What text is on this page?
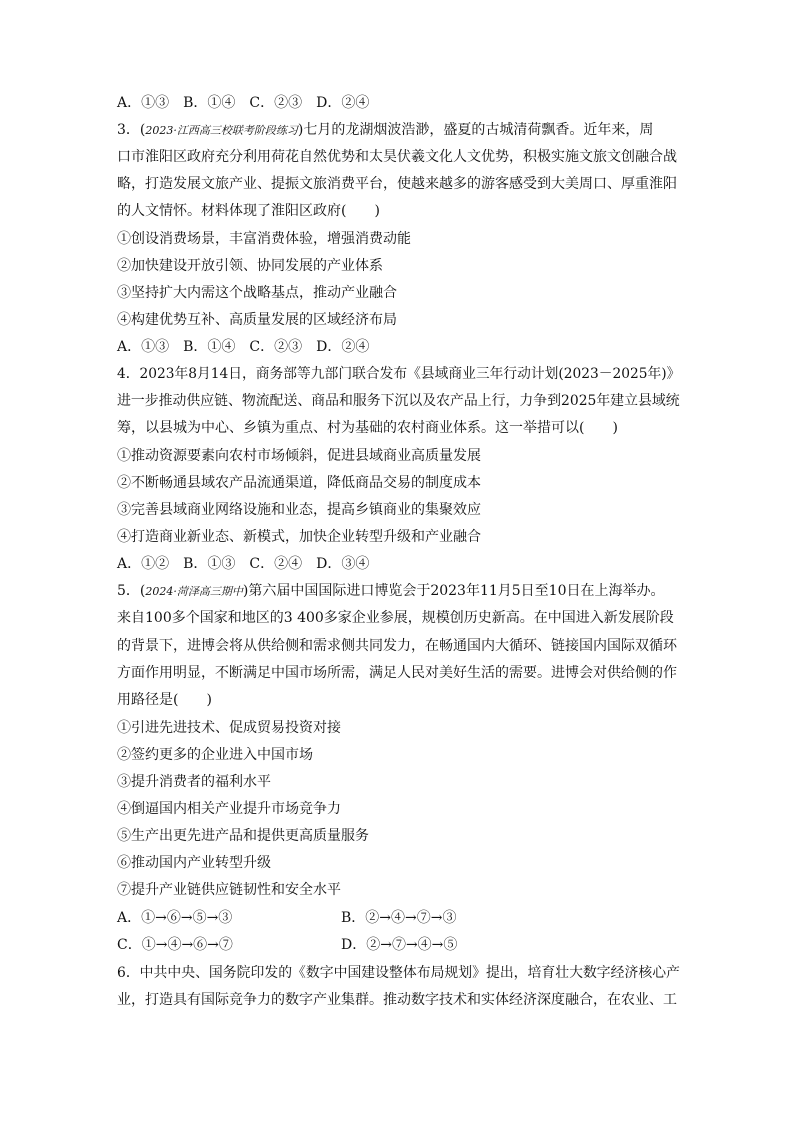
A．①③　B．①④　C．②③　D．②④
3．(2023·江西高三校联考阶段练习)七月的龙湖烟波浩渺，盛夏的古城清荷飘香。近年来，周
口市淮阳区政府充分利用荷花自然优势和太昊伏羲文化人文优势，积极实施文旅文创融合战
略，打造发展文旅产业、提振文旅消费平台，使越来越多的游客感受到大美周口、厚重淮阳
的人文情怀。材料体现了淮阳区政府(　　)
①创设消费场景，丰富消费体验，增强消费动能
②加快建设开放引领、协同发展的产业体系
③坚持扩大内需这个战略基点，推动产业融合
④构建优势互补、高质量发展的区域经济布局
A．①③　B．①④　C．②③　D．②④
4．2023年8月14日，商务部等九部门联合发布《县域商业三年行动计划(2023－2025年)》
进一步推动供应链、物流配送、商品和服务下沉以及农产品上行，力争到2025年建立县域统
筹，以县城为中心、乡镇为重点、村为基础的农村商业体系。这一举措可以(　　)
①推动资源要素向农村市场倾斜，促进县域商业高质量发展
②不断畅通县域农产品流通渠道，降低商品交易的制度成本
③完善县域商业网络设施和业态，提高乡镇商业的集聚效应
④打造商业新业态、新模式，加快企业转型升级和产业融合
A．①②　B．①③　C．②④　D．③④
5．(2024·菏泽高三期中)第六届中国国际进口博览会于2023年11月5日至10日在上海举办。
来自100多个国家和地区的3 400多家企业参展，规模创历史新高。在中国进入新发展阶段
的背景下，进博会将从供给侧和需求侧共同发力，在畅通国内大循环、链接国内国际双循环
方面作用明显，不断满足中国市场所需，满足人民对美好生活的需要。进博会对供给侧的作
用路径是(　　)
①引进先进技术、促成贸易投资对接
②签约更多的企业进入中国市场
③提升消费者的福利水平
④倒逼国内相关产业提升市场竞争力
⑤生产出更先进产品和提供更高质量服务
⑥推动国内产业转型升级
⑦提升产业链供应链韧性和安全水平
A．①→⑥→⑤→③	B．②→④→⑦→③
C．①→④→⑥→⑦	D．②→⑦→④→⑤
6．中共中央、国务院印发的《数字中国建设整体布局规划》提出，培育壮大数字经济核心产
业，打造具有国际竞争力的数字产业集群。推动数字技术和实体经济深度融合，在农业、工
